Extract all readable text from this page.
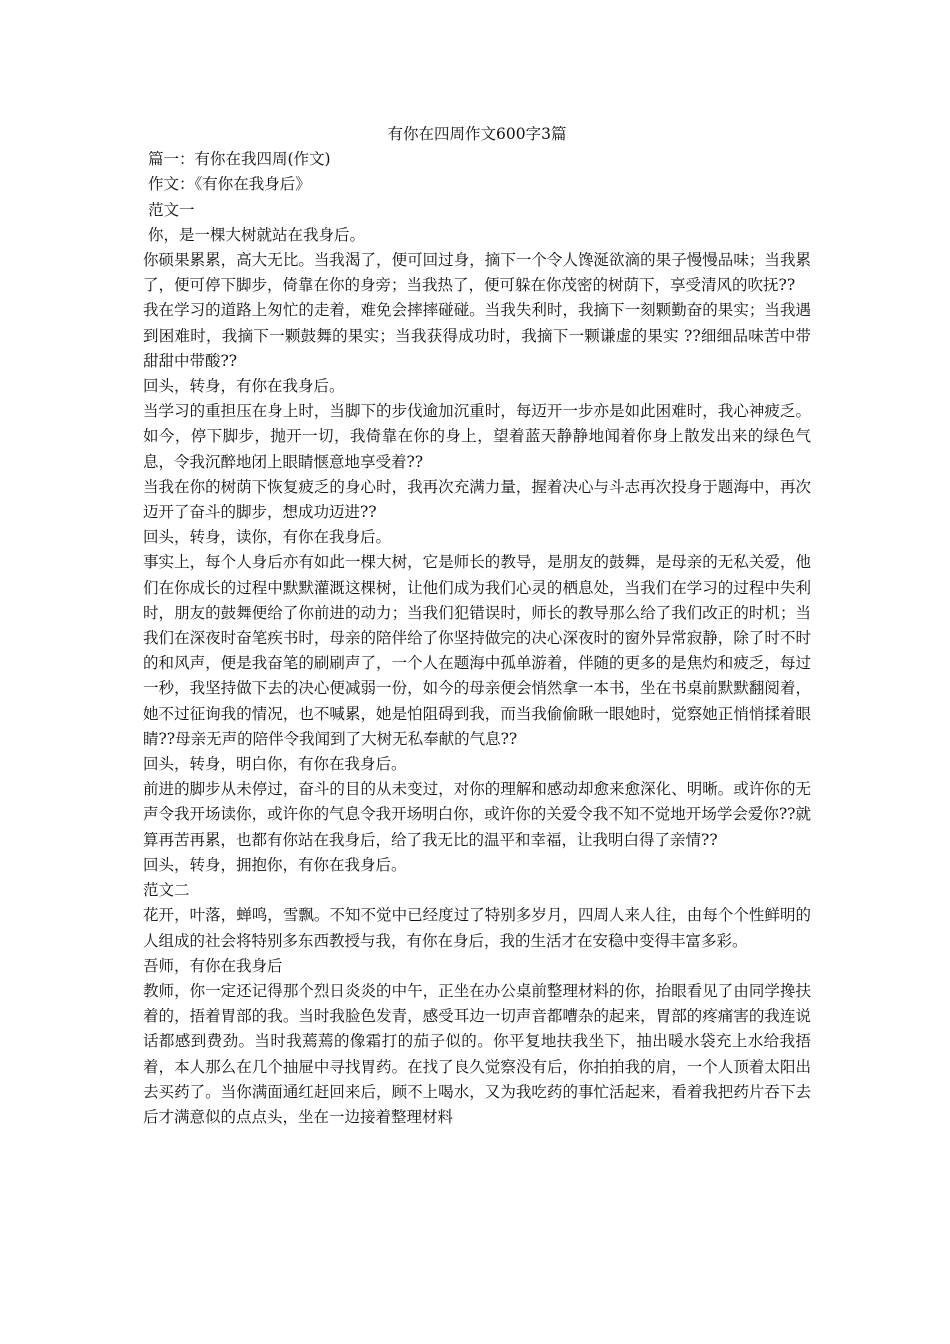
有你在四周作文600字3篇

篇一：有你在我四周(作文)

作文：《有你在我身后》

范文一

你，是一棵大树就站在我身后。

你硕果累累，高大无比。当我渴了，便可回过身，摘下一个令人馋涎欲滴的果子慢慢品味；当我累了，便可停下脚步，倚靠在你的身旁；当我热了，便可躲在你茂密的树荫下，享受清风的吹抚??

我在学习的道路上匆忙的走着，难免会摔摔碰碰。当我失利时，我摘下一刻颗勤奋的果实；当我遇到困难时，我摘下一颗鼓舞的果实；当我获得成功时，我摘下一颗谦虚的果实 ??细细品味苦中带甜甜中带酸??

回头，转身，有你在我身后。

当学习的重担压在身上时，当脚下的步伐逾加沉重时，每迈开一步亦是如此困难时，我心神疲乏。如今，停下脚步，抛开一切，我倚靠在你的身上，望着蓝天静静地闻着你身上散发出来的绿色气息，令我沉醉地闭上眼睛惬意地享受着??

当我在你的树荫下恢复疲乏的身心时，我再次充满力量，握着决心与斗志再次投身于题海中，再次迈开了奋斗的脚步，想成功迈进??

回头，转身，读你，有你在我身后。

事实上，每个人身后亦有如此一棵大树，它是师长的教导，是朋友的鼓舞，是母亲的无私关爱，他们在你成长的过程中默默灌溉这棵树，让他们成为我们心灵的栖息处，当我们在学习的过程中失利时，朋友的鼓舞便给了你前进的动力；当我们犯错误时，师长的教导那么给了我们改正的时机；当我们在深夜时奋笔疾书时，母亲的陪伴给了你坚持做完的决心深夜时的窗外异常寂静，除了时不时的和风声，便是我奋笔的刷刷声了，一个人在题海中孤单游着，伴随的更多的是焦灼和疲乏，每过一秒，我坚持做下去的决心便减弱一份，如今的母亲便会悄然拿一本书，坐在书桌前默默翻阅着，她不过征询我的情况，也不喊累，她是怕阻碍到我，而当我偷偷瞅一眼她时，觉察她正悄悄揉着眼睛??母亲无声的陪伴令我闻到了大树无私奉献的气息??

回头，转身，明白你，有你在我身后。

前进的脚步从未停过，奋斗的目的从未变过，对你的理解和感动却愈来愈深化、明晰。或许你的无声令我开场读你，或许你的气息令我开场明白你，或许你的关爱令我不知不觉地开场学会爱你??就算再苦再累，也都有你站在我身后，给了我无比的温平和幸福，让我明白得了亲情??

回头，转身，拥抱你，有你在我身后。

范文二

花开，叶落，蝉鸣，雪飘。不知不觉中已经度过了特别多岁月，四周人来人往，由每个个性鲜明的人组成的社会将特别多东西教授与我，有你在身后，我的生活才在安稳中变得丰富多彩。

吾师，有你在我身后

教师，你一定还记得那个烈日炎炎的中午，正坐在办公桌前整理材料的你，抬眼看见了由同学搀扶着的，捂着胃部的我。当时我脸色发青，感受耳边一切声音都嘈杂的起来，胃部的疼痛害的我连说话都感到费劲。当时我蔫蔫的像霜打的茄子似的。你平复地扶我坐下，抽出暖水袋充上水给我捂着，本人那么在几个抽屉中寻找胃药。在找了良久觉察没有后，你拍拍我的肩，一个人顶着太阳出去买药了。当你满面通红赶回来后，顾不上喝水，又为我吃药的事忙活起来，看着我把药片吞下去后才满意似的点点头，坐在一边接着整理材料
